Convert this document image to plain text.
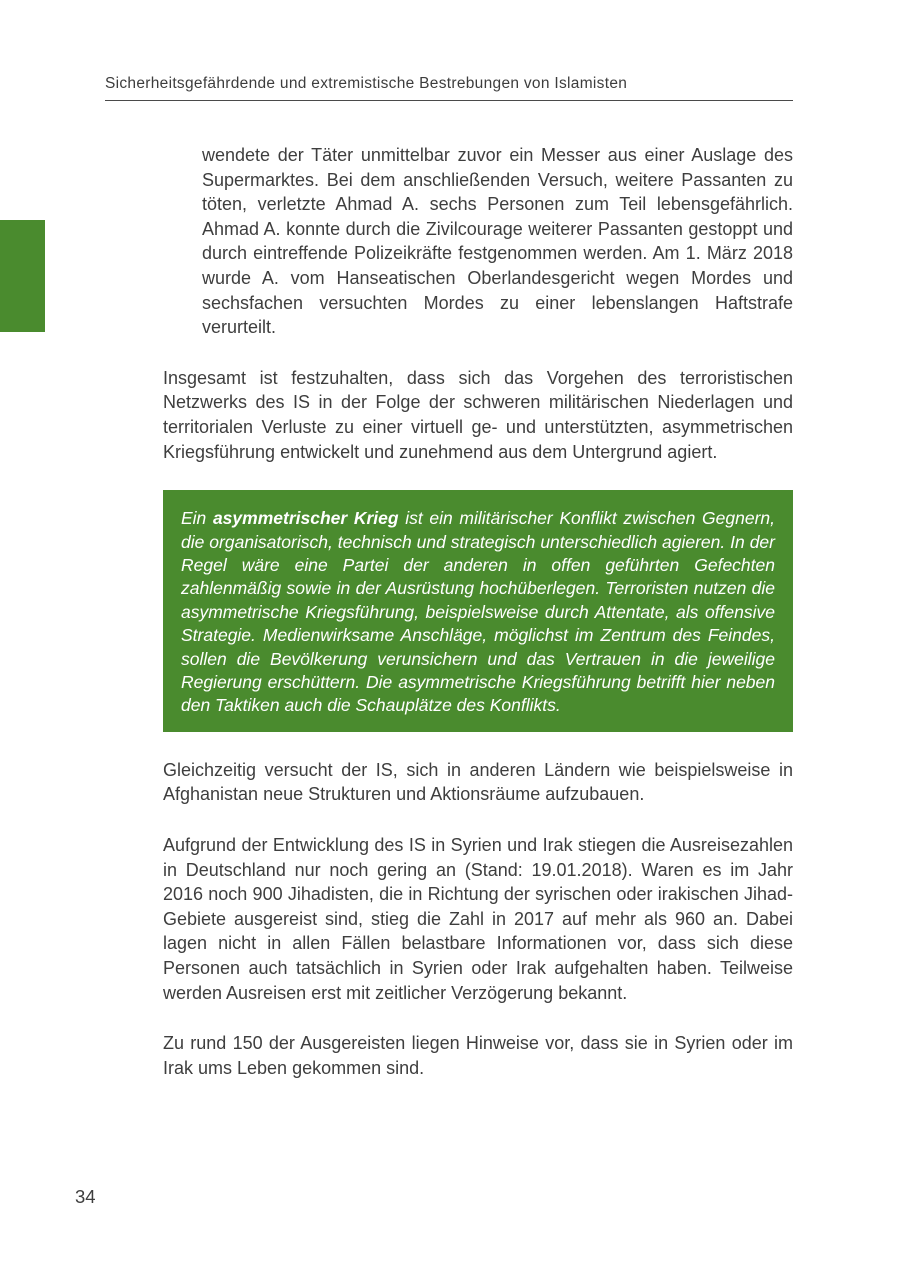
Sicherheitsgefährdende und extremistische Bestrebungen von Islamisten

wendete der Täter unmittelbar zuvor ein Messer aus einer Auslage des Supermarktes. Bei dem anschließenden Versuch, weitere Passanten zu töten, verletzte Ahmad A. sechs Personen zum Teil lebensgefährlich. Ahmad A. konnte durch die Zivilcourage weiterer Passanten gestoppt und durch eintreffende Polizeikräfte festgenommen werden. Am 1. März 2018 wurde A. vom Hanseatischen Oberlandesgericht wegen Mordes und sechsfachen versuchten Mordes zu einer lebenslangen Haftstrafe verurteilt.

Insgesamt ist festzuhalten, dass sich das Vorgehen des terroristischen Netzwerks des IS in der Folge der schweren militärischen Niederlagen und territorialen Verluste zu einer virtuell ge- und unterstützten, asymmetrischen Kriegsführung entwickelt und zunehmend aus dem Untergrund agiert.

Ein asymmetrischer Krieg ist ein militärischer Konflikt zwischen Gegnern, die organisatorisch, technisch und strategisch unterschiedlich agieren. In der Regel wäre eine Partei der anderen in offen geführten Gefechten zahlenmäßig sowie in der Ausrüstung hochüberlegen. Terroristen nutzen die asymmetrische Kriegsführung, beispielsweise durch Attentate, als offensive Strategie. Medienwirksame Anschläge, möglichst im Zentrum des Feindes, sollen die Bevölkerung verunsichern und das Vertrauen in die jeweilige Regierung erschüttern. Die asymmetrische Kriegsführung betrifft hier neben den Taktiken auch die Schauplätze des Konflikts.

Gleichzeitig versucht der IS, sich in anderen Ländern wie beispielsweise in Afghanistan neue Strukturen und Aktionsräume aufzubauen.

Aufgrund der Entwicklung des IS in Syrien und Irak stiegen die Ausreisezahlen in Deutschland nur noch gering an (Stand: 19.01.2018). Waren es im Jahr 2016 noch 900 Jihadisten, die in Richtung der syrischen oder irakischen Jihad-Gebiete ausgereist sind, stieg die Zahl in 2017 auf mehr als 960 an. Dabei lagen nicht in allen Fällen belastbare Informationen vor, dass sich diese Personen auch tatsächlich in Syrien oder Irak aufgehalten haben. Teilweise werden Ausreisen erst mit zeitlicher Verzögerung bekannt.

Zu rund 150 der Ausgereisten liegen Hinweise vor, dass sie in Syrien oder im Irak ums Leben gekommen sind.

34
